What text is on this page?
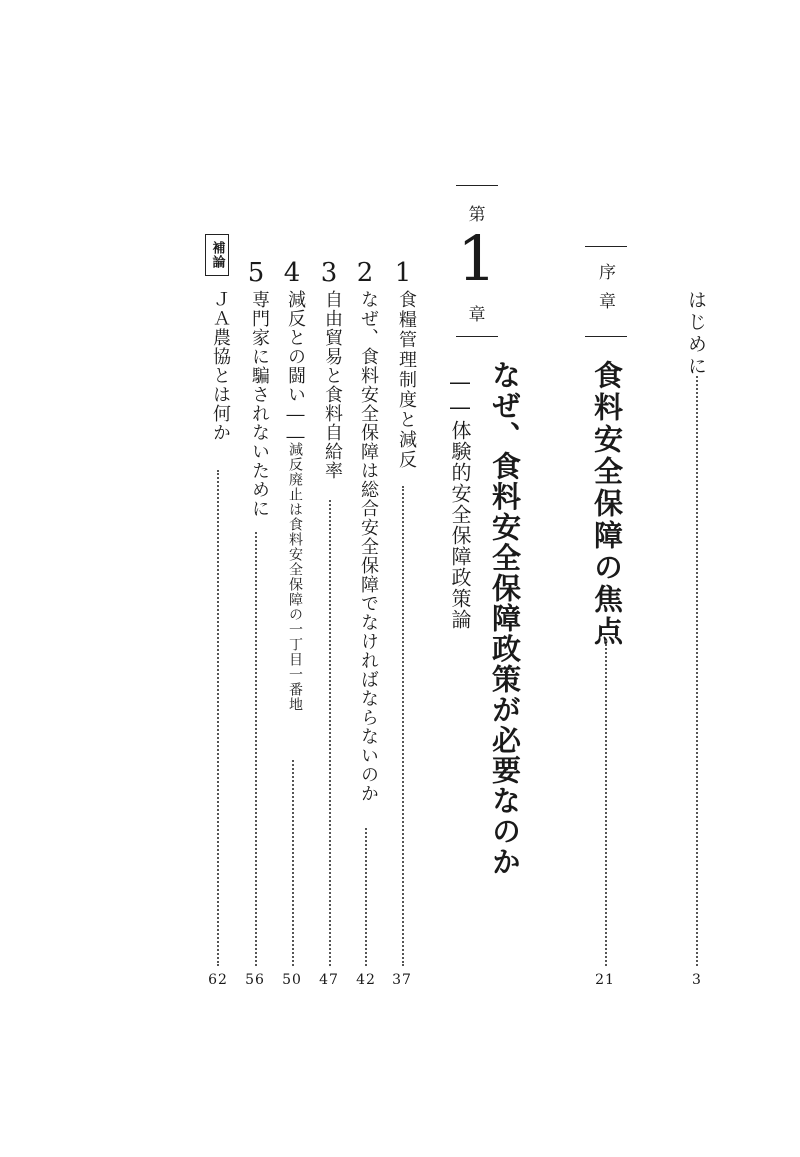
はじめに
3
序章
食料安全保障の焦点
21
第
1
章
なぜ、食料安全保障政策が必要なのか
――体験的安全保障政策論
1
食糧管理制度と減反
37
2
なぜ、食料安全保障は総合安全保障でなければならないのか
42
3
自由貿易と食料自給率
47
4
減反との闘い――
減反廃止は食料安全保障の一丁目一番地
50
5
専門家に騙されないために
56
補論
ＪＡ農協とは何か
62
